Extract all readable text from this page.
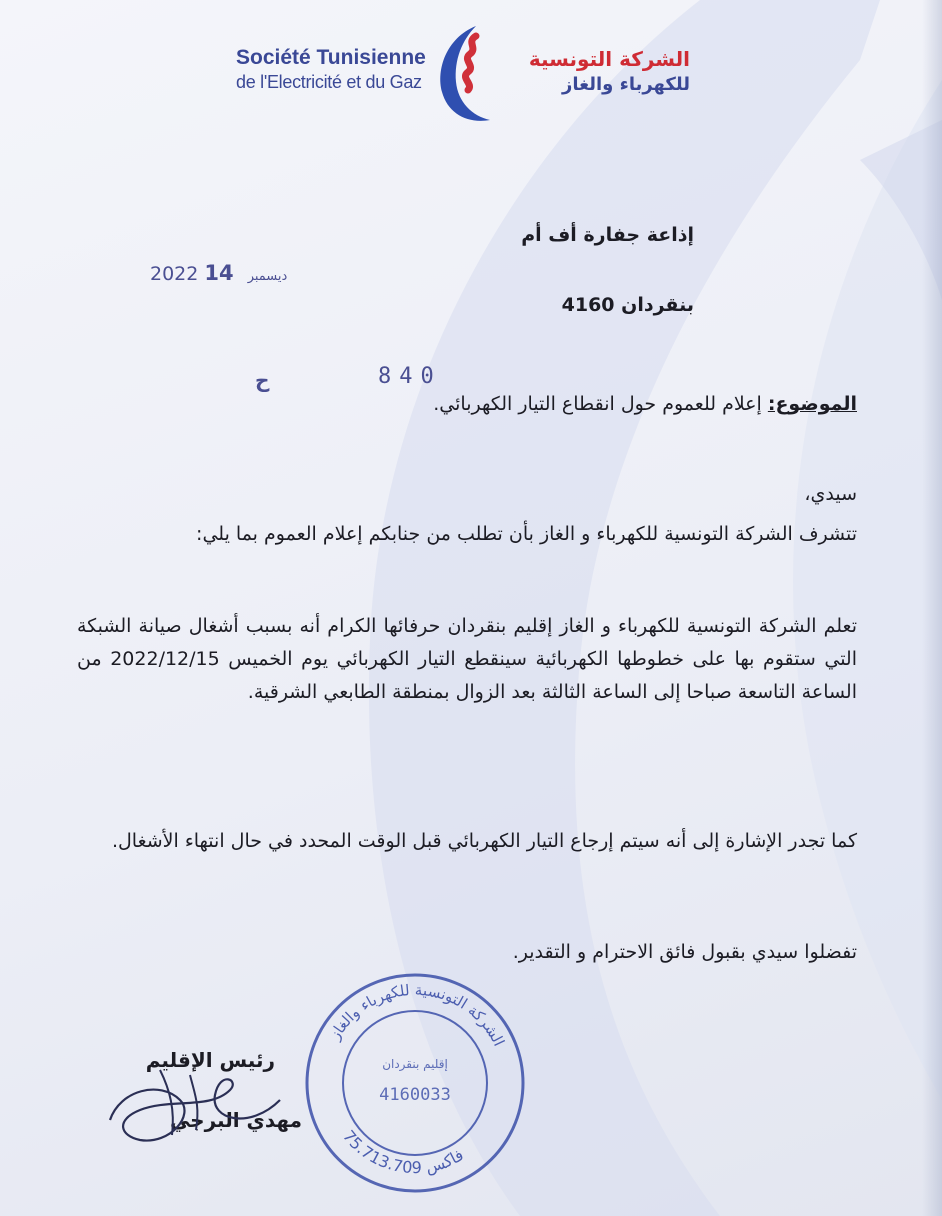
Société Tunisienne
de l'Electricité et du Gaz
الشركة التونسية
للكهرباء والغاز
إذاعة جفارة أف أم
بنقردان 4160
2022	ديسمبر 14
ح	840
الموضوع: إعلام للعموم حول انقطاع التيار الكهربائي.
سيدي،
تتشرف الشركة التونسية للكهرباء و الغاز بأن تطلب من جنابكم إعلام العموم بما يلي:
تعلم الشركة التونسية للكهرباء و الغاز إقليم بنقردان حرفائها الكرام أنه بسبب أشغال صيانة الشبكة التي ستقوم بها على خطوطها الكهربائية سينقطع التيار الكهربائي يوم الخميس 2022/12/15 من الساعة التاسعة صباحا إلى الساعة الثالثة بعد الزوال بمنطقة الطابعي الشرقية.
كما تجدر الإشارة إلى أنه سيتم إرجاع التيار الكهربائي قبل الوقت المحدد في حال انتهاء الأشغال.
تفضلوا سيدي بقبول فائق الاحترام و التقدير.
رئيس الإقليم
مهدي البرجي
الشركة التونسية للكهرباء والغاز
فاكس 75.713.709
إقليم بنقردان
4160033
